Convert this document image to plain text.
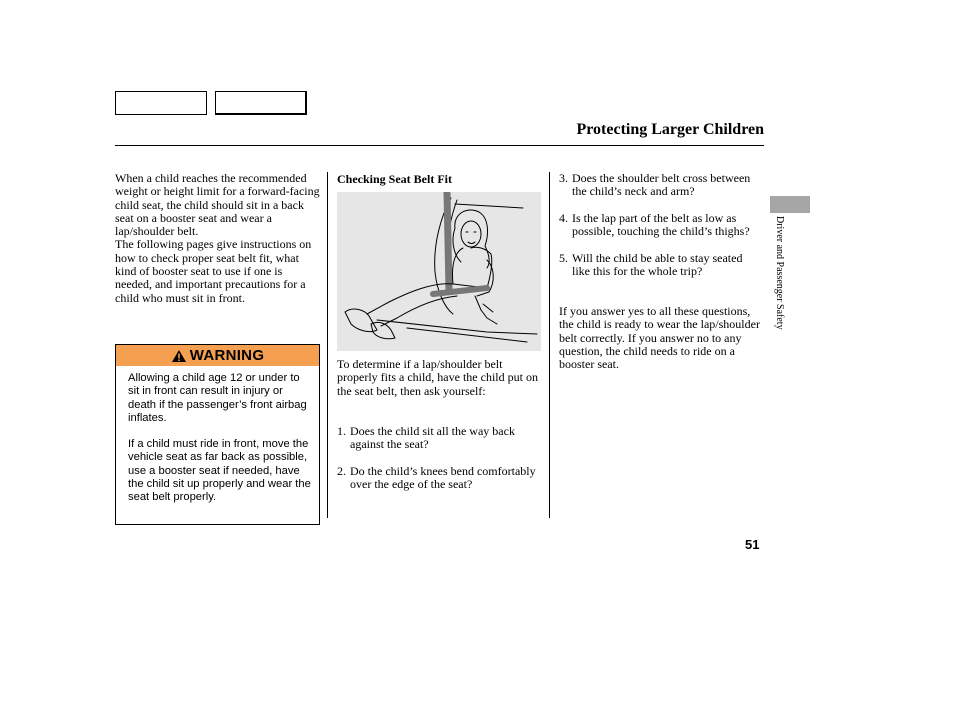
Protecting Larger Children

When a child reaches the recommended weight or height limit for a forward-facing child seat, the child should sit in a back seat on a booster seat and wear a lap/shoulder belt.

The following pages give instructions on how to check proper seat belt fit, what kind of booster seat to use if one is needed, and important precautions for a child who must sit in front.

WARNING

Allowing a child age 12 or under to sit in front can result in injury or death if the passenger’s front airbag inflates.

If a child must ride in front, move the vehicle seat as far back as possible, use a booster seat if needed, have the child sit up properly and wear the seat belt properly.

Checking Seat Belt Fit
To determine if a lap/shoulder belt properly fits a child, have the child put on the seat belt, then ask yourself:
1. Does the child sit all the way back against the seat?
2. Do the child’s knees bend comfortably over the edge of the seat?
3. Does the shoulder belt cross between the child’s neck and arm?
4. Is the lap part of the belt as low as possible, touching the child’s thighs?
5. Will the child be able to stay seated like this for the whole trip?
If you answer yes to all these questions, the child is ready to wear the lap/shoulder belt correctly. If you answer no to any question, the child needs to ride on a booster seat.
Driver and Passenger Safety
51
